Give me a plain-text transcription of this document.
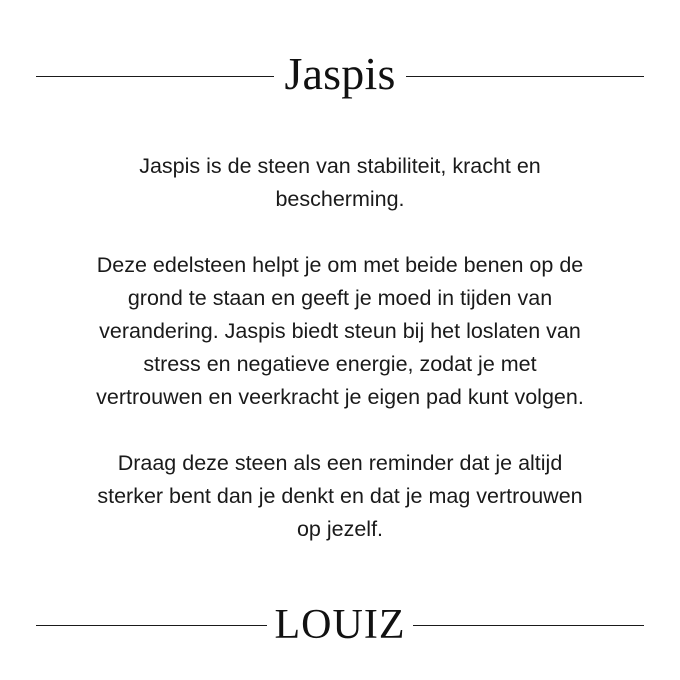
Jaspis

Jaspis is de steen van stabiliteit, kracht en
bescherming.

Deze edelsteen helpt je om met beide benen op de
grond te staan en geeft je moed in tijden van
verandering. Jaspis biedt steun bij het loslaten van
stress en negatieve energie, zodat je met
vertrouwen en veerkracht je eigen pad kunt volgen.

Draag deze steen als een reminder dat je altijd
sterker bent dan je denkt en dat je mag vertrouwen
op jezelf.

LOUIZ
